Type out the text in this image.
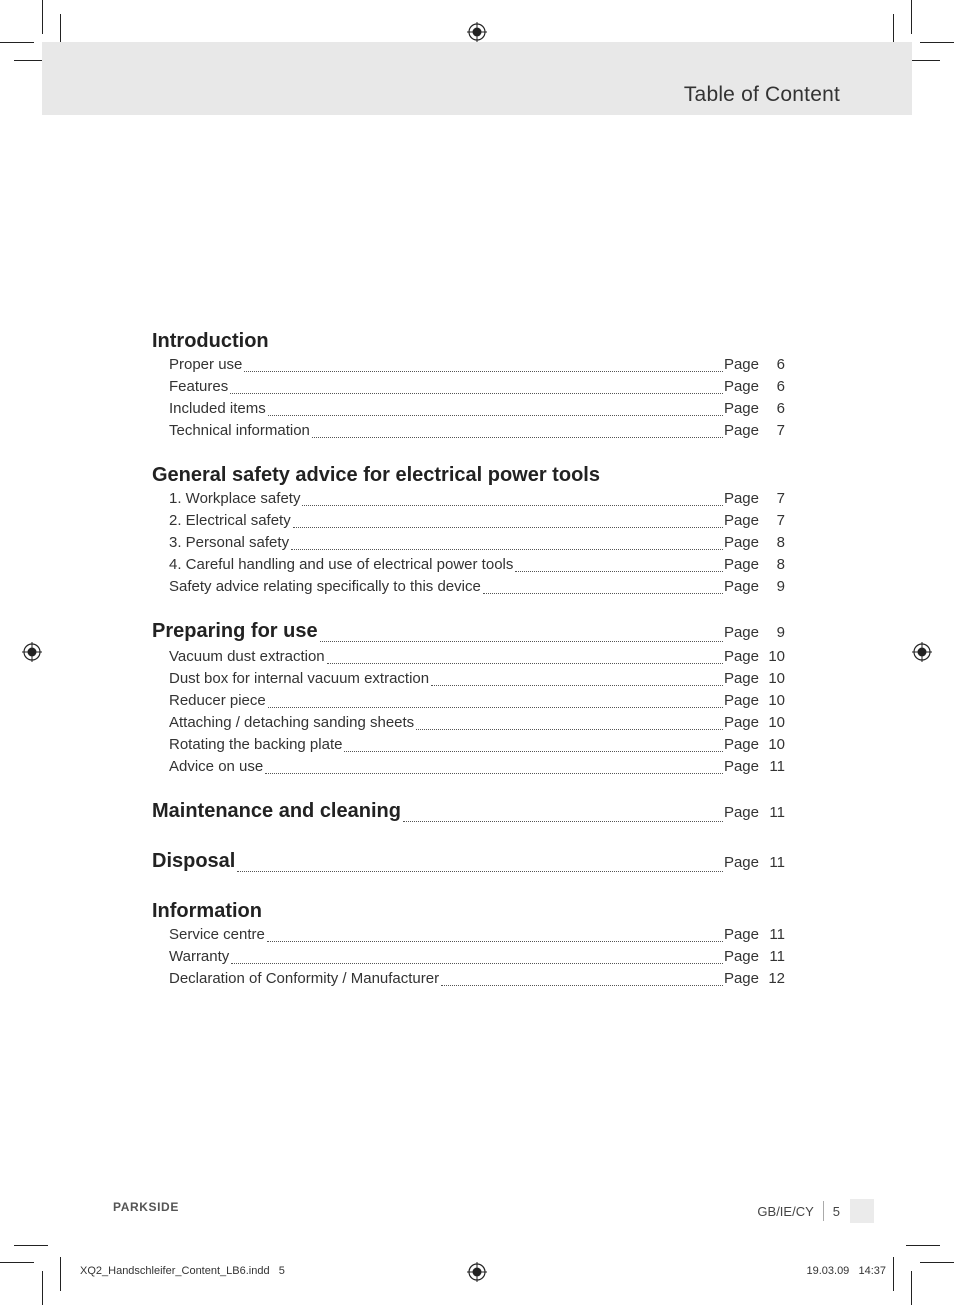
Table of Content
Introduction
Proper use	Page	6
Features	Page	6
Included items	Page	6
Technical information	Page	7
General safety advice for electrical power tools
1. Workplace safety	Page	7
2. Electrical safety	Page	7
3. Personal safety	Page	8
4. Careful handling and use of electrical power tools	Page	8
Safety advice relating specifically to this device	Page	9
Preparing for use	Page	9
Vacuum dust extraction	Page 10
Dust box for internal vacuum extraction	Page 10
Reducer piece	Page 10
Attaching / detaching sanding sheets	Page 10
Rotating the backing plate	Page 10
Advice on use	Page 11
Maintenance and cleaning	Page 11
Disposal	Page 11
Information
Service centre	Page 11
Warranty	Page 11
Declaration of Conformity / Manufacturer	Page 12
PARKSIDE	GB/IE/CY 5
XQ2_Handschleifer_Content_LB6.indd   5	19.03.09   14:37
